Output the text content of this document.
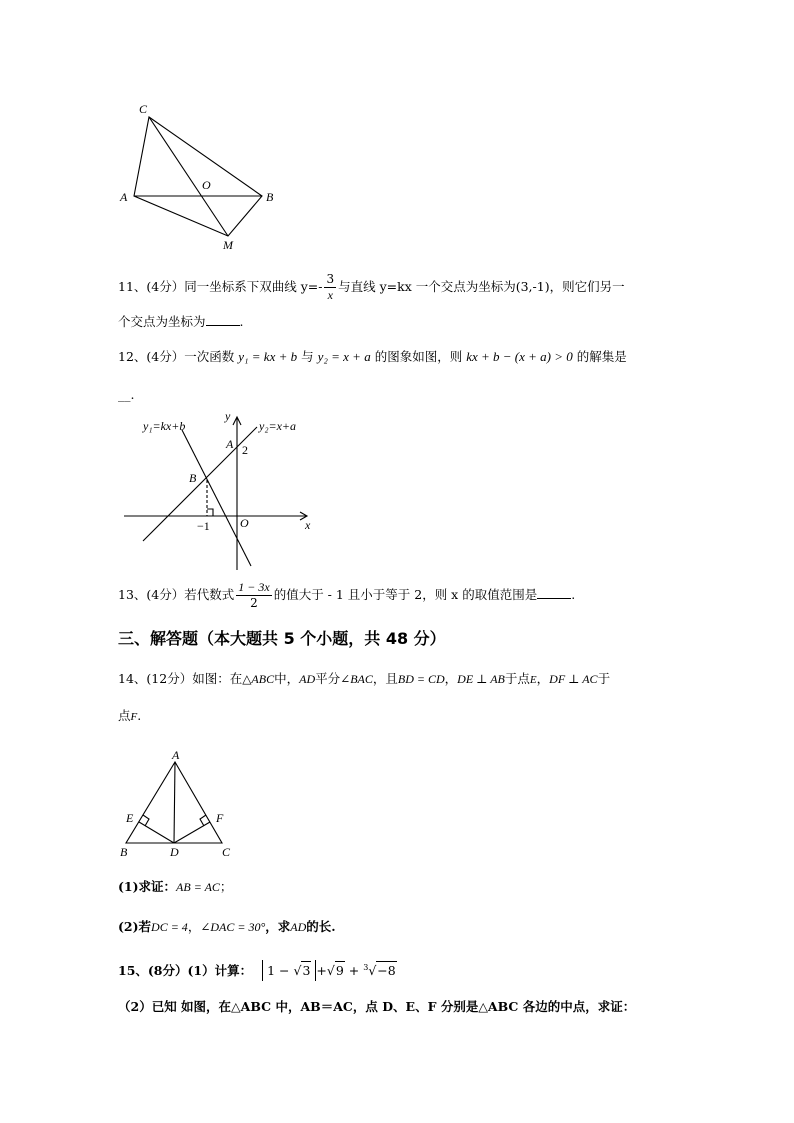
C
A
O
B
M
11、(4分）同一坐标系下双曲线 $y=- \frac{3}{x}$ 与直线 y=kx 一个交点为坐标为(3,-1)，则它们另一
个交点为坐标为	.
12、(4分）一次函数 y₁ = kx + b 与 y₂ = x + a 的图象如图，则 kx + b − (x + a) > 0 的解集是
__.
y₁=kx+b	y₂=x+a
y
A 2
B
−1	O	x
13、(4分）若代数式 $\frac{1 - 3x}{2}$ 的值大于 - 1 且小于等于 2，则 x 的取值范围是	.
三、解答题（本大题共 5 个小题，共 48 分）
14、(12分）如图：在△ABC中，AD平分∠BAC，且BD = CD，DE ⊥ AB于点E，DF ⊥ AC于
点F.
A
E	F
B	D	C
(1)求证：AB = AC；
(2)若DC = 4，∠DAC = 30°，求AD的长.
15、(8分）(1）计算： 1 − √3 +√9 + $^3$√−8
（2）已知 如图，在△ABC 中，AB＝AC，点 D、E、F 分别是△ABC 各边的中点，求证：
